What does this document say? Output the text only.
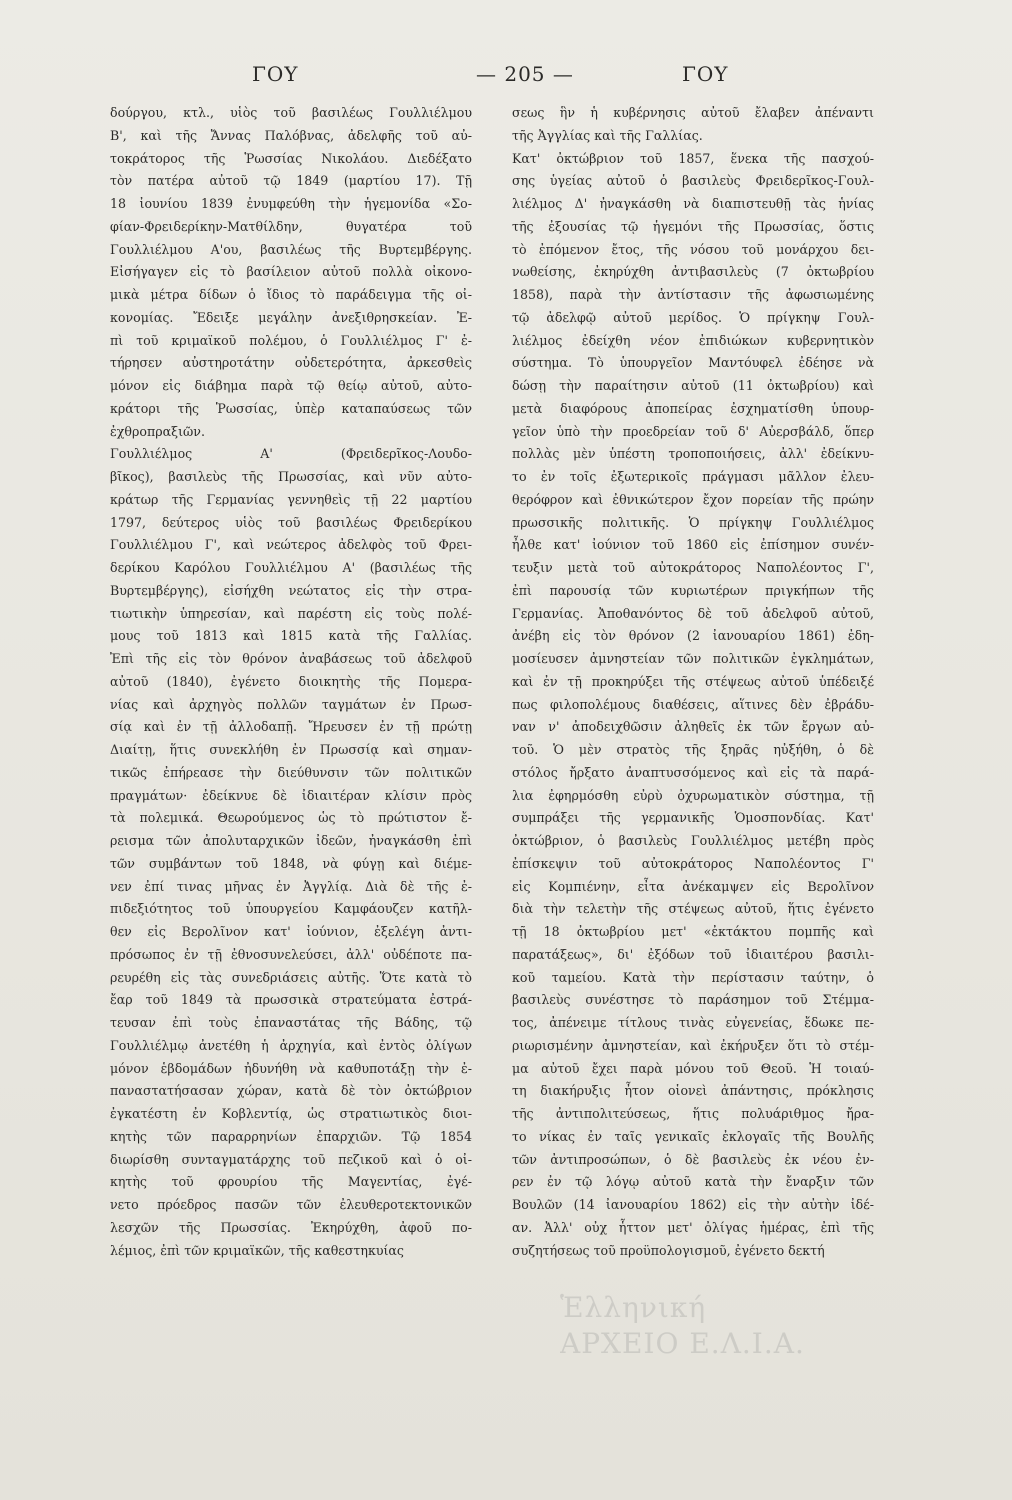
ΓΟΥ	— 205 —	ΓΟΥ
δούργου, κτλ., υἱὸς τοῦ βασιλέως Γουλλιέλμου
Β', καὶ τῆς Ἄννας Παλόβνας, ἀδελφῆς τοῦ αὐ-
τοκράτορος τῆς Ῥωσσίας Νικολάου. Διεδέξατο
τὸν πατέρα αὐτοῦ τῷ 1849 (μαρτίου 17). Τῇ
18 ἰουνίου 1839 ἐνυμφεύθη τὴν ἡγεμονίδα «Σο-
φίαν-Φρειδερίκην-Ματθίλδην, θυγατέρα τοῦ
Γουλλιέλμου Α'ου, βασιλέως τῆς Βυρτεμβέργης.
Εἰσήγαγεν εἰς τὸ βασίλειον αὐτοῦ πολλὰ οἰκονο-
μικὰ μέτρα δίδων ὁ ἴδιος τὸ παράδειγμα τῆς οἰ-
κονομίας. Ἔδειξε μεγάλην ἀνεξιθρησκείαν. Ἐ-
πὶ τοῦ κριμαϊκοῦ πολέμου, ὁ Γουλλιέλμος Γ' ἐ-
τήρησεν αὐστηροτάτην οὐδετερότητα, ἀρκεσθεὶς
μόνον εἰς διάβημα παρὰ τῷ θείῳ αὐτοῦ, αὐτο-
κράτορι τῆς Ῥωσσίας, ὑπὲρ καταπαύσεως τῶν
ἐχθροπραξιῶν.
Γουλλιέλμος Α' (Φρειδερῖκος-Λουδο-
βῖκος), βασιλεὺς τῆς Πρωσσίας, καὶ νῦν αὐτο-
κράτωρ τῆς Γερμανίας γεννηθεὶς τῇ 22 μαρτίου
1797, δεύτερος υἱὸς τοῦ βασιλέως Φρειδερίκου
Γουλλιέλμου Γ', καὶ νεώτερος ἀδελφὸς τοῦ Φρει-
δερίκου Καρόλου Γουλλιέλμου Α' (βασιλέως τῆς
Βυρτεμβέργης), εἰσήχθη νεώτατος εἰς τὴν στρα-
τιωτικὴν ὑπηρεσίαν, καὶ παρέστη εἰς τοὺς πολέ-
μους τοῦ 1813 καὶ 1815 κατὰ τῆς Γαλλίας.
Ἐπὶ τῆς εἰς τὸν θρόνον ἀναβάσεως τοῦ ἀδελφοῦ
αὐτοῦ (1840), ἐγένετο διοικητὴς τῆς Πομερα-
νίας καὶ ἀρχηγὸς πολλῶν ταγμάτων ἐν Πρωσ-
σίᾳ καὶ ἐν τῇ ἀλλοδαπῇ. Ἤρευσεν ἐν τῇ πρώτῃ
Διαίτῃ, ἥτις συνεκλήθη ἐν Πρωσσίᾳ καὶ σημαν-
τικῶς ἐπήρεασε τὴν διεύθυνσιν τῶν πολιτικῶν
πραγμάτων· ἐδείκνυε δὲ ἰδιαιτέραν κλίσιν πρὸς
τὰ πολεμικά. Θεωρούμενος ὡς τὸ πρώτιστον ἔ-
ρεισμα τῶν ἀπολυταρχικῶν ἰδεῶν, ἠναγκάσθη ἐπὶ
τῶν συμβάντων τοῦ 1848, νὰ φύγῃ καὶ διέμε-
νεν ἐπί τινας μῆνας ἐν Ἀγγλίᾳ. Διὰ δὲ τῆς ἐ-
πιδεξιότητος τοῦ ὑπουργείου Καμφάουζεν κατῆλ-
θεν εἰς Βερολῖνον κατ' ἰούνιον, ἐξελέγη ἀντι-
πρόσωπος ἐν τῇ ἐθνοσυνελεύσει, ἀλλ' οὐδέποτε πα-
ρευρέθη εἰς τὰς συνεδριάσεις αὐτῆς. Ὅτε κατὰ τὸ
ἔαρ τοῦ 1849 τὰ πρωσσικὰ στρατεύματα ἐστρά-
τευσαν ἐπὶ τοὺς ἐπαναστάτας τῆς Βάδης, τῷ
Γουλλιέλμῳ ἀνετέθη ἡ ἀρχηγία, καὶ ἐντὸς ὀλίγων
μόνον ἑβδομάδων ἠδυνήθη νὰ καθυποτάξῃ τὴν ἐ-
παναστατήσασαν χώραν, κατὰ δὲ τὸν ὀκτώβριον
ἐγκατέστη ἐν Κοβλεντίᾳ, ὡς στρατιωτικὸς διοι-
κητὴς τῶν παραρρηνίων ἐπαρχιῶν. Τῷ 1854
διωρίσθη συνταγματάρχης τοῦ πεζικοῦ καὶ ὁ οἰ-
κητὴς τοῦ φρουρίου τῆς Μαγεντίας, ἐγέ-
νετο πρόεδρος πασῶν τῶν ἐλευθεροτεκτονικῶν
λεσχῶν τῆς Πρωσσίας. Ἐκηρύχθη, ἀφοῦ πο-
λέμιος, ἐπὶ τῶν κριμαϊκῶν, τῆς καθεστηκυίας
σεως ἣν ἡ κυβέρνησις αὐτοῦ ἔλαβεν ἀπέναντι
τῆς Ἀγγλίας καὶ τῆς Γαλλίας.
Κατ' ὀκτώβριον τοῦ 1857, ἕνεκα τῆς πασχού-
σης ὑγείας αὐτοῦ ὁ βασιλεὺς Φρειδερῖκος-Γουλ-
λιέλμος Δ' ἠναγκάσθη νὰ διαπιστευθῇ τὰς ἡνίας
τῆς ἐξουσίας τῷ ἡγεμόνι τῆς Πρωσσίας, ὅστις
τὸ ἐπόμενον ἔτος, τῆς νόσου τοῦ μονάρχου δει-
νωθείσης, ἐκηρύχθη ἀντιβασιλεὺς (7 ὀκτωβρίου
1858), παρὰ τὴν ἀντίστασιν τῆς ἀφωσιωμένης
τῷ ἀδελφῷ αὐτοῦ μερίδος. Ὁ πρίγκηψ Γουλ-
λιέλμος ἐδείχθη νέον ἐπιδιώκων κυβερνητικὸν
σύστημα. Τὸ ὑπουργεῖον Μαντόυφελ ἐδέησε νὰ
δώσῃ τὴν παραίτησιν αὐτοῦ (11 ὀκτωβρίου) καὶ
μετὰ διαφόρους ἀποπείρας ἐσχηματίσθη ὑπουρ-
γεῖον ὑπὸ τὴν προεδρείαν τοῦ δ' Αὐερσβάλδ, ὅπερ
πολλὰς μὲν ὑπέστη τροποποιήσεις, ἀλλ' ἐδείκνυ-
το ἐν τοῖς ἐξωτερικοῖς πράγμασι μᾶλλον ἐλευ-
θερόφρον καὶ ἐθνικώτερον ἔχον πορείαν τῆς πρώην
πρωσσικῆς πολιτικῆς. Ὁ πρίγκηψ Γουλλιέλμος
ἦλθε κατ' ἰούνιον τοῦ 1860 εἰς ἐπίσημον συνέν-
τευξιν μετὰ τοῦ αὐτοκράτορος Ναπολέοντος Γ',
ἐπὶ παρουσίᾳ τῶν κυριωτέρων πριγκήπων τῆς
Γερμανίας. Ἀποθανόντος δὲ τοῦ ἀδελφοῦ αὐτοῦ,
ἀνέβη εἰς τὸν θρόνον (2 ἰανουαρίου 1861) ἐδη-
μοσίευσεν ἀμνηστείαν τῶν πολιτικῶν ἐγκλημάτων,
καὶ ἐν τῇ προκηρύξει τῆς στέψεως αὐτοῦ ὑπέδειξέ
πως φιλοπολέμους διαθέσεις, αἵτινες δὲν ἐβράδυ-
ναν ν' ἀποδειχθῶσιν ἀληθεῖς ἐκ τῶν ἔργων αὐ-
τοῦ. Ὁ μὲν στρατὸς τῆς ξηρᾶς ηὐξήθη, ὁ δὲ
στόλος ἤρξατο ἀναπτυσσόμενος καὶ εἰς τὰ παρά-
λια ἐφηρμόσθη εὐρὺ ὀχυρωματικὸν σύστημα, τῇ
συμπράξει τῆς γερμανικῆς Ὁμοσπονδίας. Κατ'
ὀκτώβριον, ὁ βασιλεὺς Γουλλιέλμος μετέβη πρὸς
ἐπίσκεψιν τοῦ αὐτοκράτορος Ναπολέοντος Γ'
εἰς Κομπιένην, εἶτα ἀνέκαμψεν εἰς Βερολῖνον
διὰ τὴν τελετὴν τῆς στέψεως αὐτοῦ, ἥτις ἐγένετο
τῇ 18 ὀκτωβρίου μετ' «ἐκτάκτου πομπῆς καὶ
παρατάξεως», δι' ἐξόδων τοῦ ἰδιαιτέρου βασιλι-
κοῦ ταμείου. Κατὰ τὴν περίστασιν ταύτην, ὁ
βασιλεὺς συνέστησε τὸ παράσημον τοῦ Στέμμα-
τος, ἀπένειμε τίτλους τινὰς εὐγενείας, ἔδωκε πε-
ριωρισμένην ἀμνηστείαν, καὶ ἐκήρυξεν ὅτι τὸ στέμ-
μα αὐτοῦ ἔχει παρὰ μόνου τοῦ Θεοῦ. Ἡ τοιαύ-
τη διακήρυξις ἦτον οἱονεὶ ἀπάντησις, πρόκλησις
τῆς ἀντιπολιτεύσεως, ἥτις πολυάριθμος ἤρα-
το νίκας ἐν ταῖς γενικαῖς ἐκλογαῖς τῆς Βουλῆς
τῶν ἀντιπροσώπων, ὁ δὲ βασιλεὺς ἐκ νέου ἐν-
ρεν ἐν τῷ λόγῳ αὐτοῦ κατὰ τὴν ἔναρξιν τῶν
Βουλῶν (14 ἰανουαρίου 1862) εἰς τὴν αὐτὴν ἰδέ-
αν. Ἀλλ' οὐχ ἧττον μετ' ὀλίγας ἡμέρας, ἐπὶ τῆς
συζητήσεως τοῦ προϋπολογισμοῦ, ἐγένετο δεκτή
Ἑλληνική
ΑΡΧΕΙΟ Ε.Λ.Ι.Α.
